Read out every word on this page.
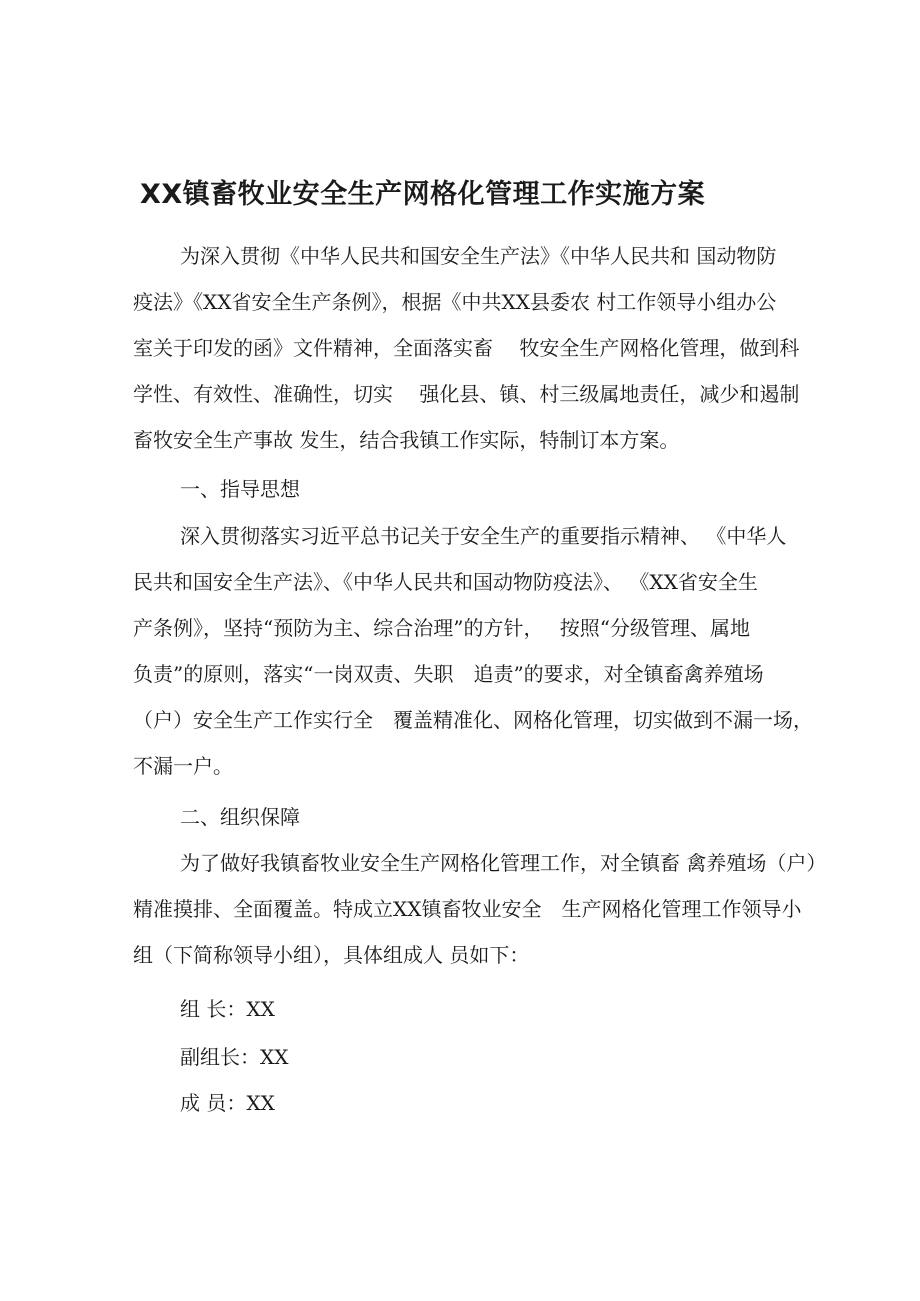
XX镇畜牧业安全生产网格化管理工作实施方案
为深入贯彻《中华人民共和国安全生产法》《中华人民共和 国动物防
疫法》《XX省安全生产条例》，根据《中共XX县委农 村工作领导小组办公
室关于印发的函》文件精神，全面落实畜　 牧安全生产网格化管理，做到科
学性、有效性、准确性，切实　 强化县、镇、村三级属地责任，减少和遏制
畜牧安全生产事故 发生，结合我镇工作实际，特制订本方案。

一、指导思想

深入贯彻落实习近平总书记关于安全生产的重要指示精神、 《中华人
民共和国安全生产法》、《中华人民共和国动物防疫法》、 《XX省安全生
产条例》，坚持“预防为主、综合治理”的方针，　 按照“分级管理、属地
负责”的原则，落实“一岗双责、失职　追责”的要求，对全镇畜禽养殖场
（户）安全生产工作实行全　覆盖精准化、网格化管理，切实做到不漏一场，
不漏一户。

二、组织保障

为了做好我镇畜牧业安全生产网格化管理工作，对全镇畜 禽养殖场（户）
精准摸排、全面覆盖。特成立XX镇畜牧业安全　生产网格化管理工作领导小
组（下简称领导小组），具体组成人 员如下：

组 长：XX

副组长：XX

成 员：XX
